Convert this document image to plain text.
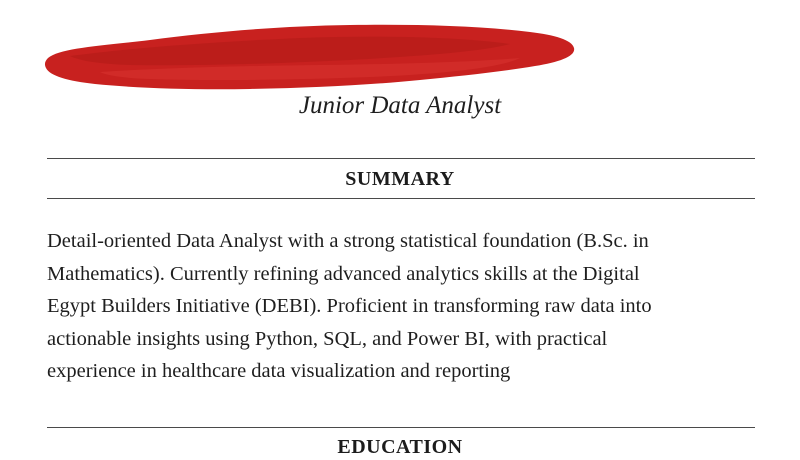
Junior Data Analyst
SUMMARY
Detail-oriented Data Analyst with a strong statistical foundation (B.Sc. in
Mathematics). Currently refining advanced analytics skills at the Digital
Egypt Builders Initiative (DEBI). Proficient in transforming raw data into
actionable insights using Python, SQL, and Power BI, with practical
experience in healthcare data visualization and reporting
EDUCATION
